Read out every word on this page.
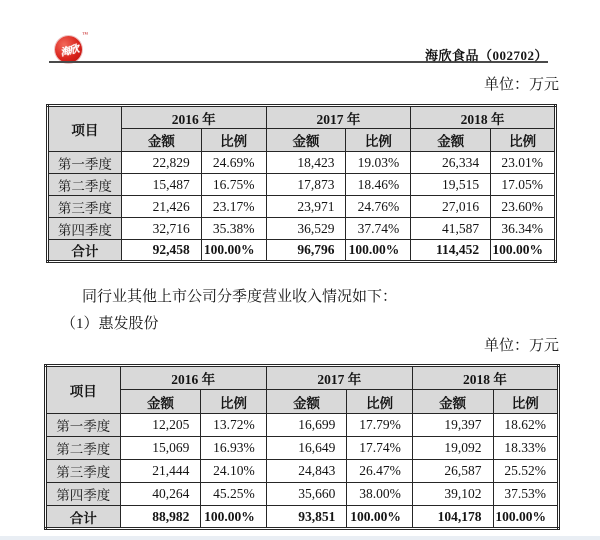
海欣
™
海欣食品（002702）
单位：万元
项目	2016 年		2017 年		2018 年	
	金额	比例	金额	比例	金额	比例
第一季度	22,829	24.69%	18,423	19.03%	26,334	23.01%
第二季度	15,487	16.75%	17,873	18.46%	19,515	17.05%
第三季度	21,426	23.17%	23,971	24.76%	27,016	23.60%
第四季度	32,716	35.38%	36,529	37.74%	41,587	36.34%
合计	92,458	100.00%	96,796	100.00%	114,452	100.00%
同行业其他上市公司分季度营业收入情况如下：
（1）惠发股份
单位：万元
项目	2016 年		2017 年		2018 年	
	金额	比例	金额	比例	金额	比例
第一季度	12,205	13.72%	16,699	17.79%	19,397	18.62%
第二季度	15,069	16.93%	16,649	17.74%	19,092	18.33%
第三季度	21,444	24.10%	24,843	26.47%	26,587	25.52%
第四季度	40,264	45.25%	35,660	38.00%	39,102	37.53%
合计	88,982	100.00%	93,851	100.00%	104,178	100.00%
